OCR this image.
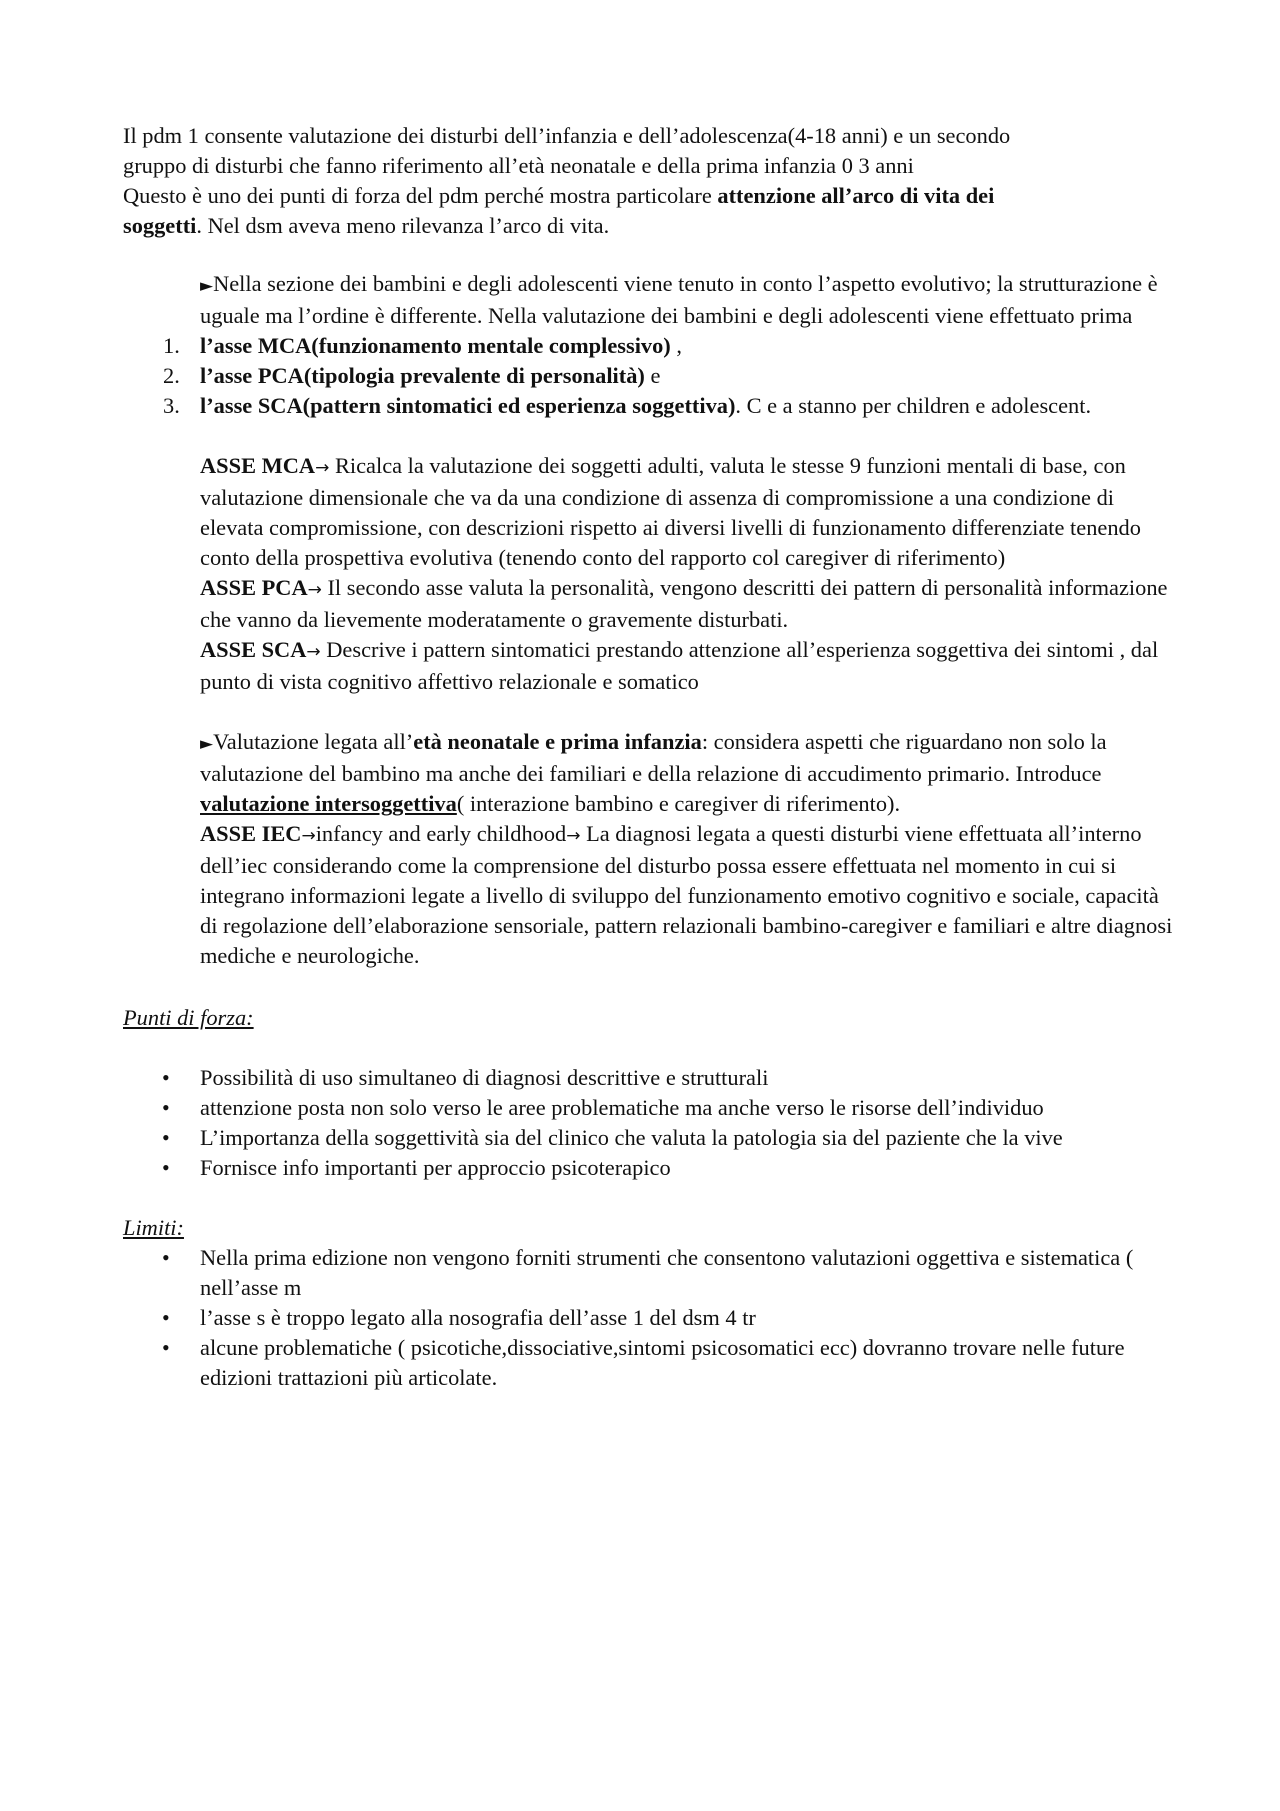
Il pdm 1 consente valutazione dei disturbi dell’infanzia e dell’adolescenza(4-18 anni) e un secondo
gruppo di disturbi che fanno riferimento all’età neonatale e della prima infanzia 0 3 anni
Questo è uno dei punti di forza del pdm perché mostra particolare attenzione all’arco di vita dei
soggetti. Nel dsm aveva meno rilevanza l’arco di vita.

►Nella sezione dei bambini e degli adolescenti viene tenuto in conto l’aspetto evolutivo; la strutturazione è uguale ma l’ordine è differente. Nella valutazione dei bambini e degli adolescenti viene effettuato prima

1. l’asse MCA(funzionamento mentale complessivo) ,
2. l’asse PCA(tipologia prevalente di personalità) e
3. l’asse SCA(pattern sintomatici ed esperienza soggettiva). C e a stanno per children e adolescent.

ASSE MCA→ Ricalca la valutazione dei soggetti adulti, valuta le stesse 9 funzioni mentali di base, con valutazione dimensionale che va da una condizione di assenza di compromissione a una condizione di elevata compromissione, con descrizioni rispetto ai diversi livelli di funzionamento differenziate tenendo conto della prospettiva evolutiva (tenendo conto del rapporto col caregiver di riferimento)

ASSE PCA→ Il secondo asse valuta la personalità, vengono descritti dei pattern di personalità informazione che vanno da lievemente moderatamente o gravemente disturbati.

ASSE SCA→ Descrive i pattern sintomatici prestando attenzione all’esperienza soggettiva dei sintomi , dal punto di vista cognitivo affettivo relazionale e somatico

►Valutazione legata all’età neonatale e prima infanzia: considera aspetti che riguardano non solo la valutazione del bambino ma anche dei familiari e della relazione di accudimento primario. Introduce valutazione intersoggettiva( interazione bambino e caregiver di riferimento).

ASSE IEC→infancy and early childhood→ La diagnosi legata a questi disturbi viene effettuata all’interno dell’iec considerando come la comprensione del disturbo possa essere effettuata nel momento in cui si integrano informazioni legate a livello di sviluppo del funzionamento emotivo cognitivo e sociale, capacità di regolazione dell’elaborazione sensoriale, pattern relazionali bambino-caregiver e familiari e altre diagnosi mediche e neurologiche.

Punti di forza:

• Possibilità di uso simultaneo di diagnosi descrittive e strutturali
• attenzione posta non solo verso le aree problematiche ma anche verso le risorse dell’individuo
• L’importanza della soggettività sia del clinico che valuta la patologia sia del paziente che la vive
• Fornisce info importanti per approccio psicoterapico

Limiti:

• Nella prima edizione non vengono forniti strumenti che consentono valutazioni oggettiva e sistematica ( nell’asse m
• l’asse s è troppo legato alla nosografia dell’asse 1 del dsm 4 tr
• alcune problematiche ( psicotiche,dissociative,sintomi psicosomatici ecc) dovranno trovare nelle future edizioni trattazioni più articolate.
